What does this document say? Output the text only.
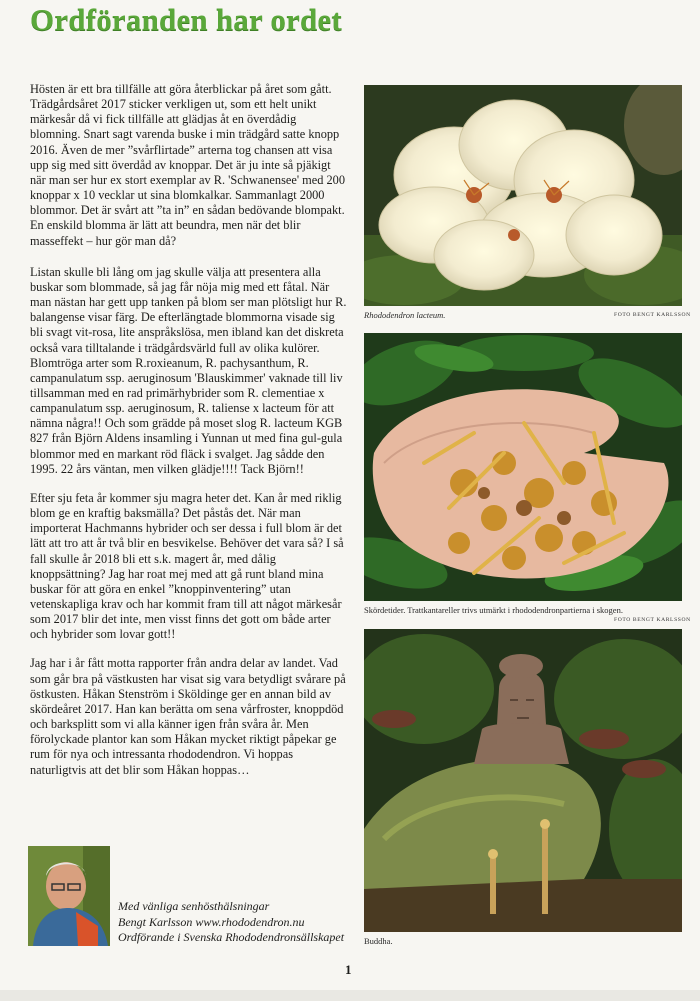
Ordföranden har ordet

Hösten är ett bra tillfälle att göra återblickar på året som gått. Trädgårdsåret 2017 sticker verkligen ut, som ett helt unikt märkesår då vi fick tillfälle att glädjas åt en överdådig blomning. Snart sagt varenda buske i min trädgård satte knopp 2016. Även de mer ”svårflirtade” arterna tog chansen att visa upp sig med sitt överdåd av knoppar. Det är ju inte så pjäkigt när man ser hur ex stort exemplar av R. 'Schwanensee' med 200 knoppar x 10 vecklar ut sina blomkalkar. Sammanlagt 2000 blommor. Det är svårt att ”ta in” en sådan bedövande blompakt. En enskild blomma är lätt att beundra, men när det blir masseffekt – hur gör man då?

Listan skulle bli lång om jag skulle välja att presentera alla buskar som blommade, så jag får nöja mig med ett fåtal. När man nästan har gett upp tanken på blom ser man plötsligt hur R. balangense visar färg. De efterlängtade blommorna visade sig bli svagt vit-rosa, lite anspråkslösa, men ibland kan det diskreta också vara tilltalande i trädgårdsvärld full av olika kulörer. Blomtröga arter som R.roxieanum, R. pachysanthum, R. campanulatum ssp. aeruginosum 'Blauskimmer' vaknade till liv tillsamman med en rad primärhybrider som R. clementiae x campanulatum ssp. aeruginosum, R. taliense x lacteum för att nämna några!! Och som grädde på moset slog R. lacteum KGB 827 från Björn Aldens insamling i Yunnan ut med fina gul-gula blommor med en markant röd fläck i svalget. Jag sådde den 1995. 22 års väntan, men vilken glädje!!!! Tack Björn!!

Efter sju feta år kommer sju magra heter det. Kan år med riklig blom ge en kraftig baksmälla? Det påstås det. När man importerat Hachmanns hybrider och ser dessa i full blom är det lätt att tro att år två blir en besvikelse. Behöver det vara så? I så fall skulle år 2018 bli ett s.k. magert år, med dålig knoppsättning? Jag har roat mej med att gå runt bland mina buskar för att göra en enkel ”knoppinventering” utan vetenskapliga krav och har kommit fram till att något märkesår som 2017 blir det inte, men visst finns det gott om både arter och hybrider som lovar gott!!

Jag har i år fått motta rapporter från andra delar av landet. Vad som går bra på västkusten har visat sig vara betydligt svårare på östkusten. Håkan Stenström i Sköldinge ger en annan bild av skördeåret 2017. Han kan berätta om sena vårfroster, knoppdöd och barksplitt som vi alla känner igen från svåra år. Men förolyckade plantor kan som Håkan mycket riktigt påpekar ge rum för nya och intressanta rhododendron. Vi hoppas naturligtvis att det blir som Håkan hoppas…

Rhododendron lacteum.	FOTO BENGT KARLSSON
Skördetider. Trattkantareller trivs utmärkt i rhododendronpartierna i skogen.
FOTO BENGT KARLSSON
Buddha.
Med vänliga senhösthälsningar
Bengt Karlsson www.rhododendron.nu
Ordförande i Svenska Rhododendronsällskapet
1
